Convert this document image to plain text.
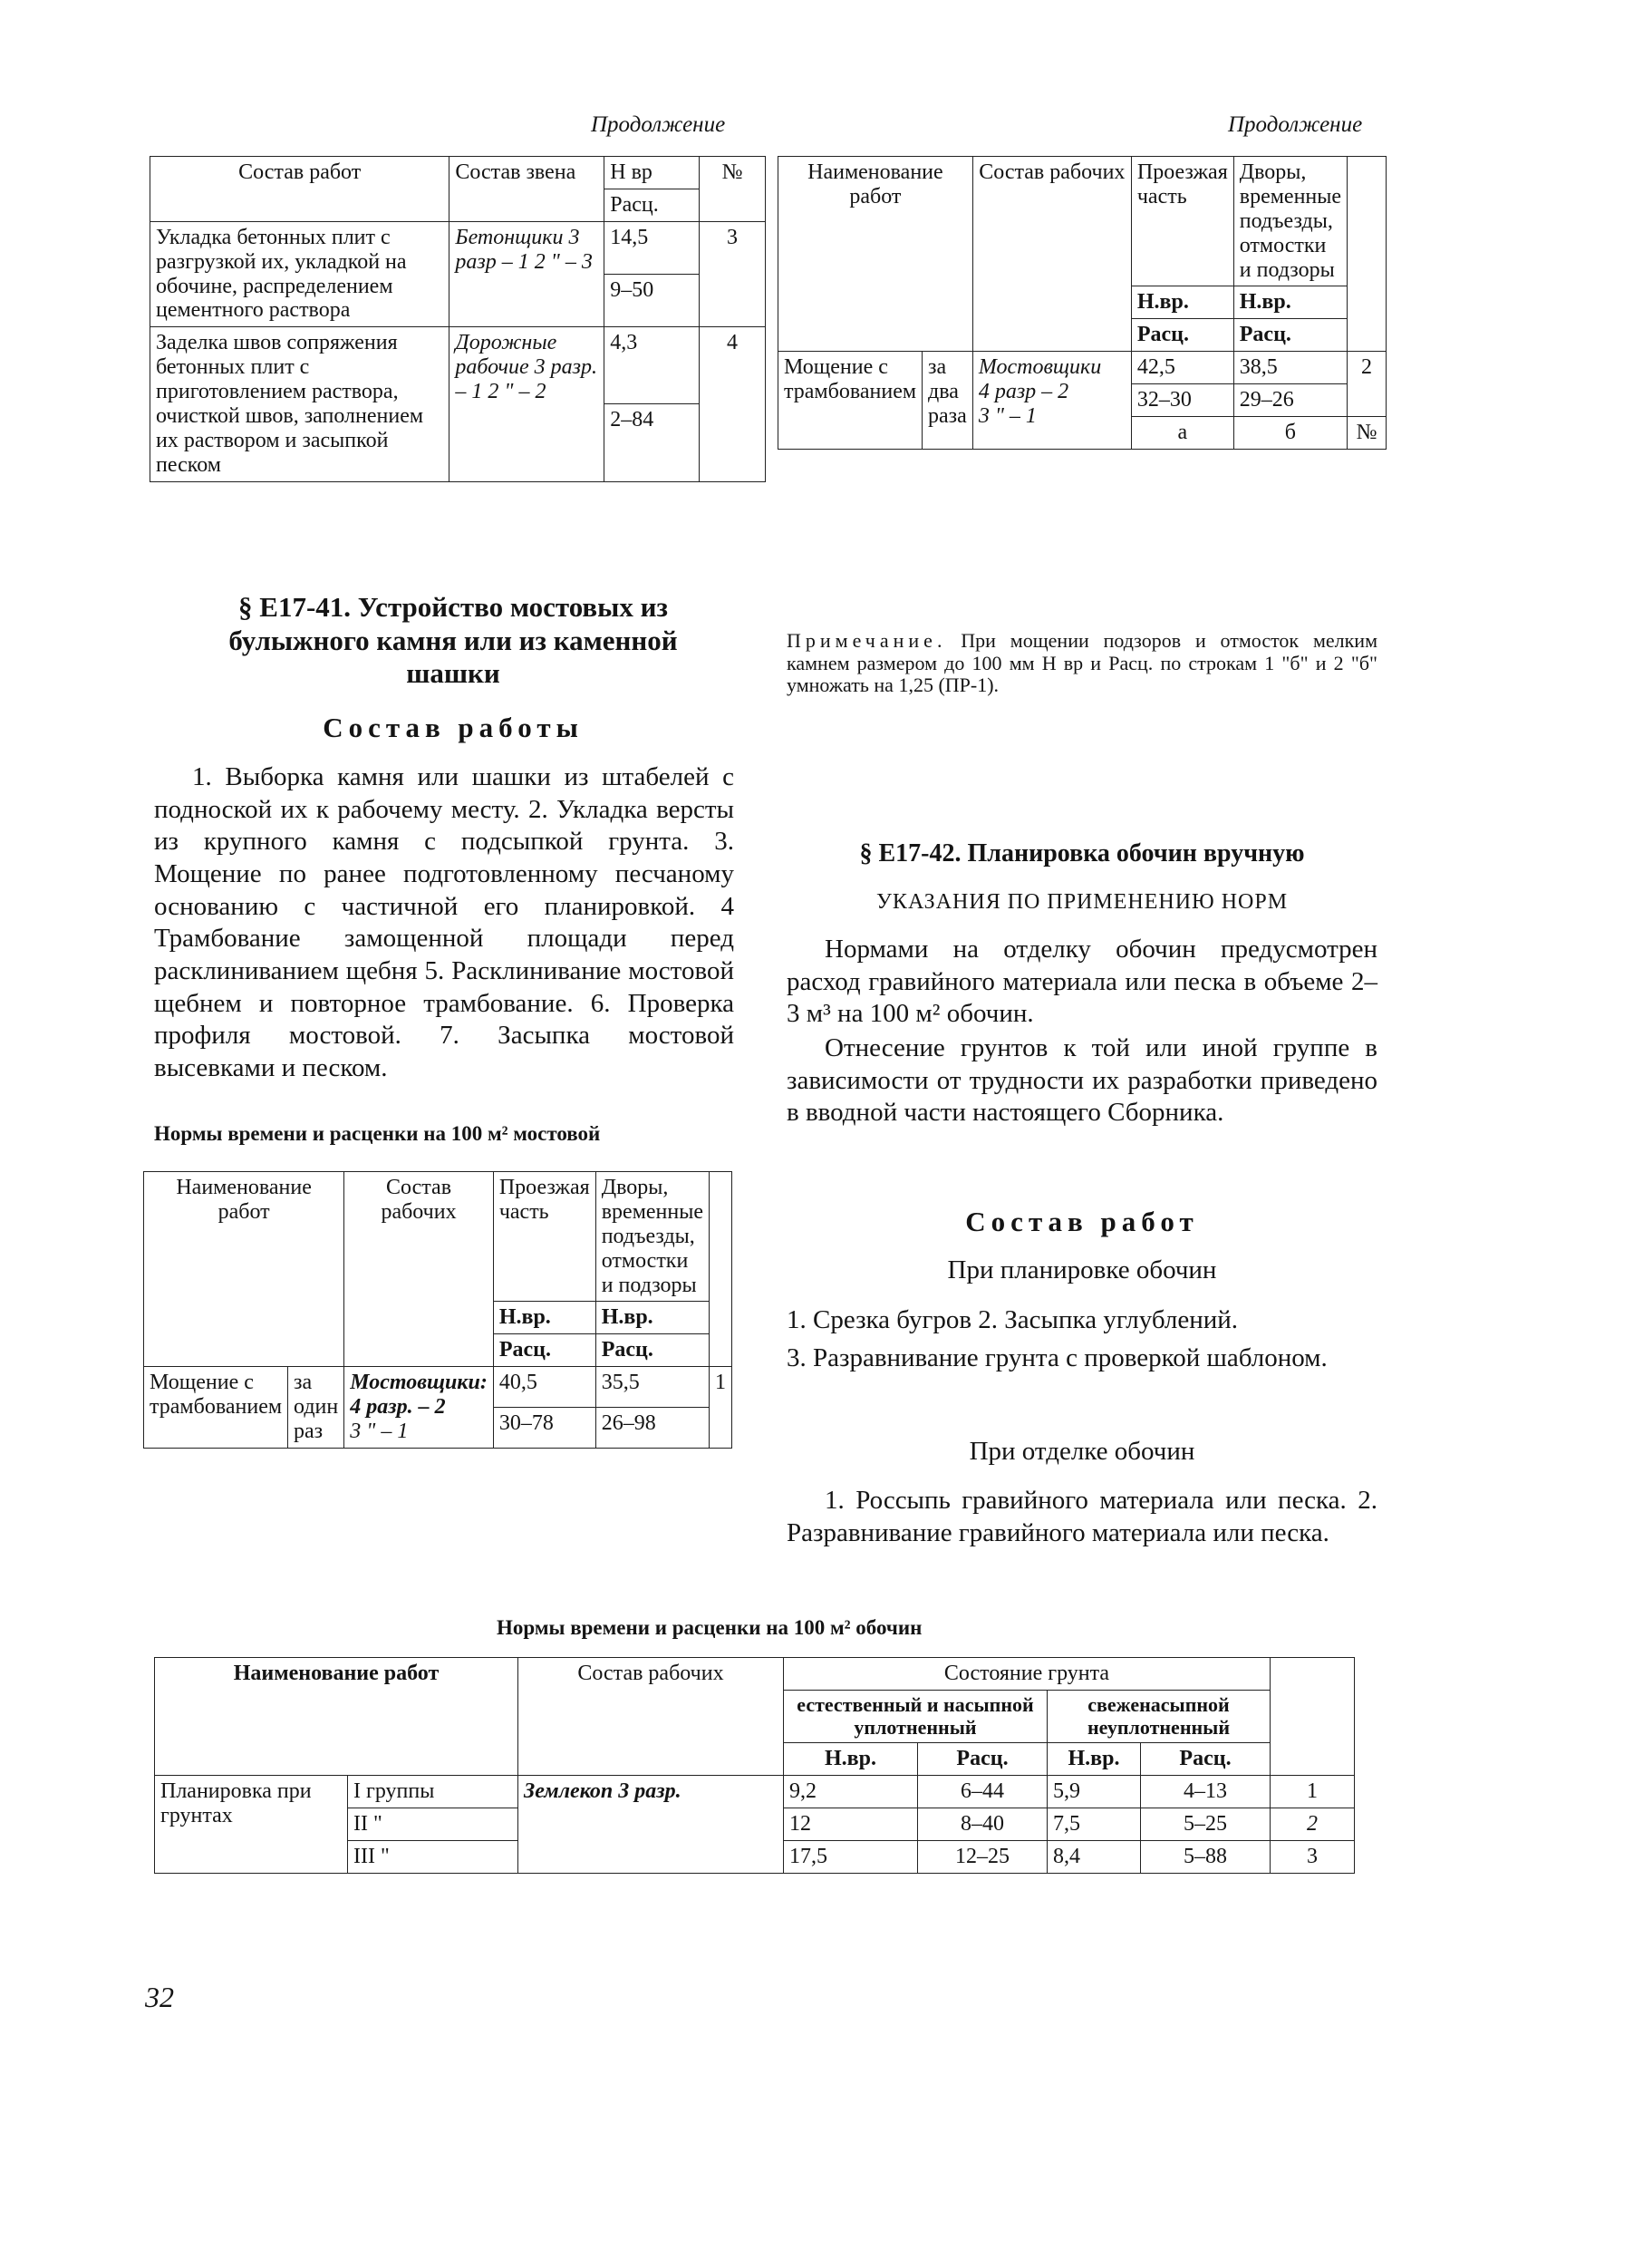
Продолжение	Продолжение
Состав работ	Состав звена	Н вр	№
		Расц.	
Укладка бетонных плит с разгрузкой их, укладкой на обочине, распределением цементного раствора	Бетонщики 3 разр – 1 2 " – 3	14,5	3
		9–50	
Заделка швов сопряжения бетонных плит с приготовлением раствора, очисткой швов, заполнением их раствором и засыпкой песком	Дорожные рабочие 3 разр. – 1 2 " – 2	4,3	4
		2–84	
§ Е17-41. Устройство мостовых из булыжного камня или из каменной шашки
Состав работы

1. Выборка камня или шашки из штабелей с подноской их к рабочему месту. 2. Укладка версты из крупного камня с подсыпкой грунта. 3. Мощение по ранее подготовленному песчаному основанию с частичной его планировкой. 4 Трамбование замощенной площади перед расклиниванием щебня 5. Расклинивание мостовой щебнем и повторное трамбование. 6. Проверка профиля мостовой. 7. Засыпка мостовой высевками и песком.

Нормы времени и расценки на 100 м² мостовой
Наименование работ		Состав рабочих	Проезжая часть	Дворы, временные подъезды, отмостки и подзоры	
			Н.вр.	Н.вр.	
			Расц.	Расц.	
Мощение с трамбованием	за один раз	Мостовщики:
4 разр. – 2
3 " – 1	40,5	35,5	1
			30–78	26–98	
Наименование работ		Состав рабочих	Проезжая часть	Дворы, временные подъезды, отмостки и подзоры	
			Н.вр.	Н.вр.	
			Расц.	Расц.	
Мощение с трамбованием	за два раза	Мостовщики
4 разр – 2
3 " – 1	42,5	38,5	2
			32–30	29–26	
			а	б	№
Примечание. При мощении подзоров и отмосток мелким камнем размером до 100 мм Н вр и Расц. по строкам 1 "б" и 2 "б" умножать на 1,25 (ПР-1).
§ Е17-42. Планировка обочин вручную
УКАЗАНИЯ ПО ПРИМЕНЕНИЮ НОРМ

Нормами на отделку обочин предусмотрен расход гравийного материала или песка в объеме 2–3 м³ на 100 м² обочин.

Отнесение грунтов к той или иной группе в зависимости от трудности их разработки приведено в вводной части настоящего Сборника.

Состав работ
При планировке обочин
1. Срезка бугров 2. Засыпка углублений.
3. Разравнивание грунта с проверкой шаблоном.
При отделке обочин

1. Россыпь гравийного материала или песка. 2. Разравнивание гравийного материала или песка.

Нормы времени и расценки на 100 м² обочин
Наименование работ		Состав рабочих	Состояние грунта				
			естественный и насыпной уплотненный		свеженасыпной неуплотненный		
			Н.вр.	Расц.	Н.вр.	Расц.	
Планировка при грунтах	I группы	Землекоп 3 разр.	9,2	6–44	5,9	4–13	1
	II "		12	8–40	7,5	5–25	2
	III "		17,5	12–25	8,4	5–88	3
32
